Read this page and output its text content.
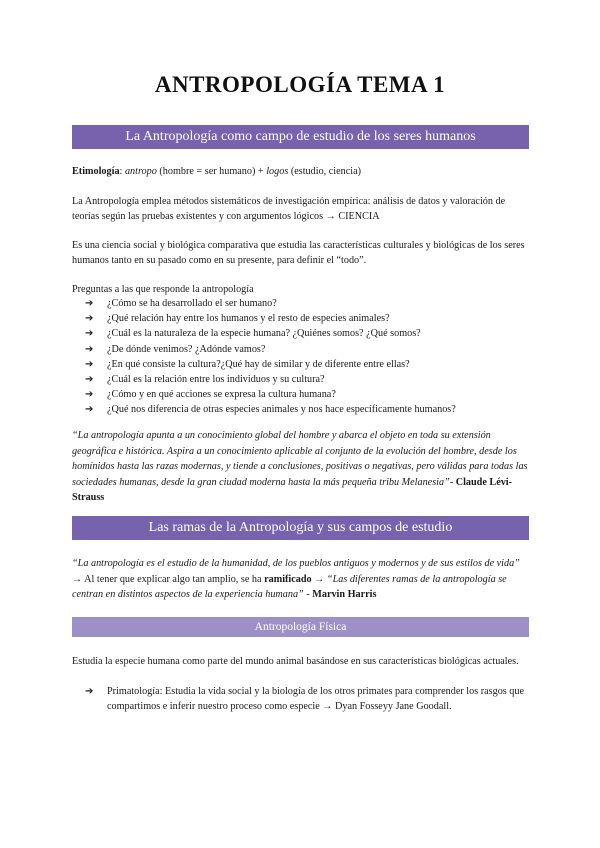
ANTROPOLOGÍA TEMA 1
La Antropología como campo de estudio de los seres humanos
Etimología: antropo (hombre = ser humano) + logos (estudio, ciencia)
La Antropología emplea métodos sistemáticos de investigación empírica: análisis de datos y valoración de teorías según las pruebas existentes y con argumentos lógicos → CIENCIA
Es una ciencia social y biológica comparativa que estudia las características culturales y biológicas de los seres humanos tanto en su pasado como en su presente, para definir el “todo”.
Preguntas a las que responde la antropología
➔ ¿Cómo se ha desarrollado el ser humano?
➔ ¿Qué relación hay entre los humanos y el resto de especies animales?
➔ ¿Cuál es la naturaleza de la especie humana? ¿Quiénes somos? ¿Qué somos?
➔ ¿De dónde venimos? ¿Adónde vamos?
➔ ¿En qué consiste la cultura?¿Qué hay de similar y de diferente entre ellas?
➔ ¿Cuál es la relación entre los individuos y su cultura?
➔ ¿Cómo y en qué acciones se expresa la cultura humana?
➔ ¿Qué nos diferencia de otras especies animales y nos hace específicamente humanos?
“La antropología apunta a un conocimiento global del hombre y abarca el objeto en toda su extensión geográfica e histórica. Aspira a un conocimiento aplicable al conjunto de la evolución del hombre, desde los homínidos hasta las razas modernas, y tiende a conclusiones, positivas o negativas, pero válidas para todas las sociedades humanas, desde la gran ciudad moderna hasta la más pequeña tribu Melanesia”- Claude Lévi-Strauss
Las ramas de la Antropología y sus campos de estudio
“La antropología es el estudio de la humanidad, de los pueblos antiguos y modernos y de sus estilos de vida” → Al tener que explicar algo tan amplio, se ha ramificado → “Las diferentes ramas de la antropología se centran en distintos aspectos de la experiencia humana” - Marvin Harris
Antropología Física
Estudia la especie humana como parte del mundo animal basándose en sus características biológicas actuales.
➔ Primatología: Estudia la vida social y la biología de los otros primates para comprender los rasgos que compartimos e inferir nuestro proceso como especie → Dyan Fosseyy Jane Goodall.
